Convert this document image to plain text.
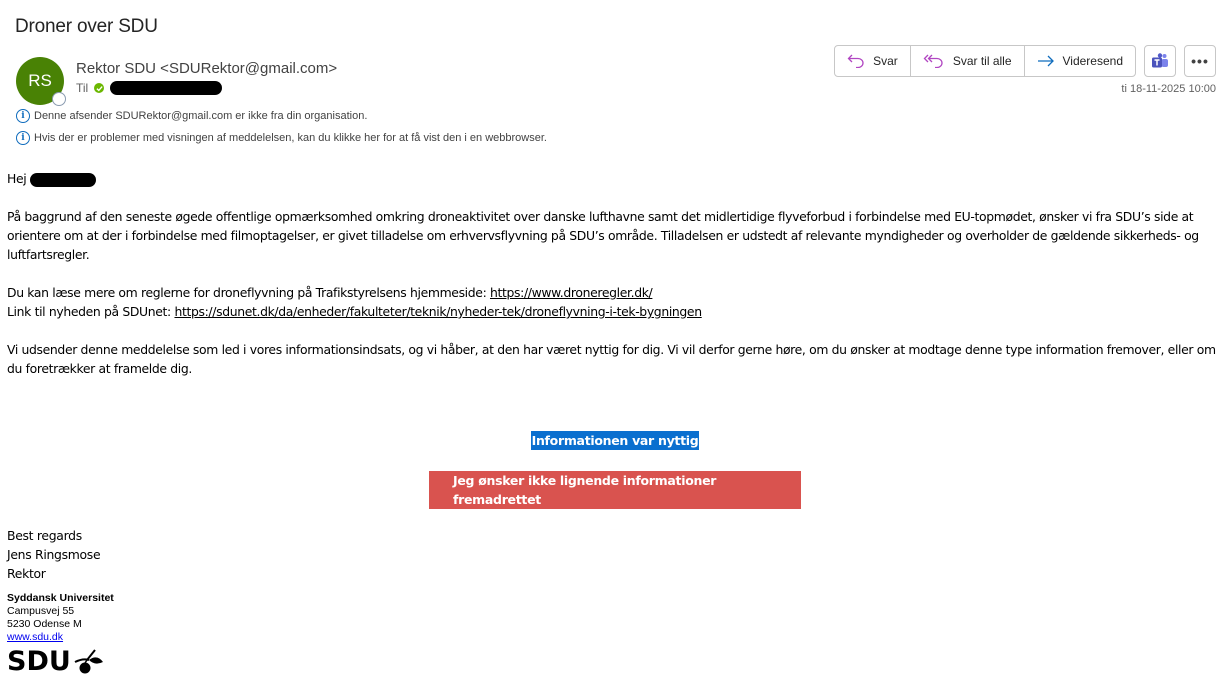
Droner over SDU
RS
Rektor SDU <SDURektor@gmail.com>
Til
i Denne afsender SDURektor@gmail.com er ikke fra din organisation.
i Hvis der er problemer med visningen af meddelelsen, kan du klikke her for at få vist den i en webbrowser.
Svar	Svar til alle	Videresend	•••
ti 18-11-2025 10:00

Hej

På baggrund af den seneste øgede offentlige opmærksomhed omkring droneaktivitet over danske lufthavne samt det midlertidige flyveforbud i forbindelse med EU-topmødet, ønsker vi fra SDU’s side at orientere om at der i forbindelse med filmoptagelser, er givet tilladelse om erhvervsflyvning på SDU’s område. Tilladelsen er udstedt af relevante myndigheder og overholder de gældende sikkerheds- og luftfartsregler.

Du kan læse mere om reglerne for droneflyvning på Trafikstyrelsens hjemmeside: https://www.droneregler.dk/

Link til nyheden på SDUnet: https://sdunet.dk/da/enheder/fakulteter/teknik/nyheder-tek/droneflyvning-i-tek-bygningen

Vi udsender denne meddelelse som led i vores informationsindsats, og vi håber, at den har været nyttig for dig. Vi vil derfor gerne høre, om du ønsker at modtage denne type information fremover, eller om du foretrækker at framelde dig.

Informationen var nyttig
Jeg ønsker ikke lignende informationer fremadrettet
Best regards
Jens Ringsmose
Rektor
Syddansk Universitet
Campusvej 55
5230 Odense M
www.sdu.dk
SDU
